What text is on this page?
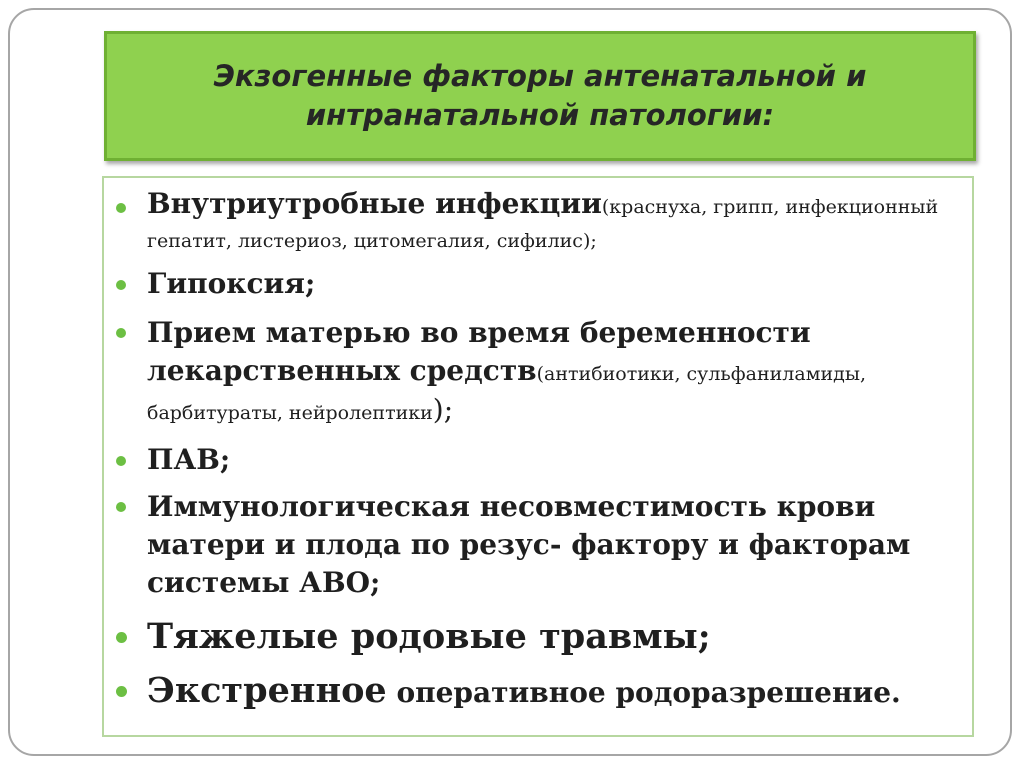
Экзогенные факторы антенатальной и
интранатальной патологии:
Внутриутробные инфекции(краснуха, грипп, инфекционный гепатит, листериоз, цитомегалия, сифилис);
Гипоксия;
Прием матерью во время беременности лекарственных средств(антибиотики, сульфаниламиды, барбитураты, нейролептики);
ПАВ;
Иммунологическая несовместимость крови матери и плода по резус- фактору и факторам системы АВО;
Тяжелые родовые травмы;
Экстренное оперативное родоразрешение.
